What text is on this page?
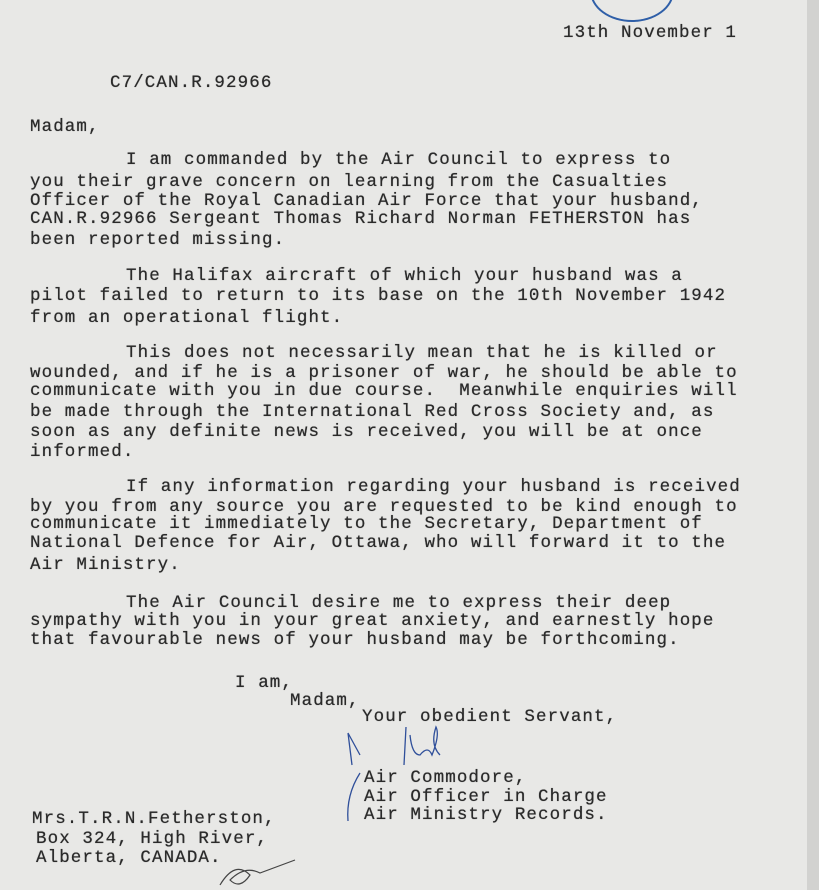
13th November 1
C7/CAN.R.92966
Madam,
I am commanded by the Air Council to express to
you their grave concern on learning from the Casualties
Officer of the Royal Canadian Air Force that your husband,
CAN.R.92966 Sergeant Thomas Richard Norman FETHERSTON has
been reported missing.
The Halifax aircraft of which your husband was a
pilot failed to return to its base on the 10th November 1942
from an operational flight.
This does not necessarily mean that he is killed or
wounded, and if he is a prisoner of war, he should be able to
communicate with you in due course.  Meanwhile enquiries will
be made through the International Red Cross Society and, as
soon as any definite news is received, you will be at once
informed.
If any information regarding your husband is received
by you from any source you are requested to be kind enough to
communicate it immediately to the Secretary, Department of
National Defence for Air, Ottawa, who will forward it to the
Air Ministry.
The Air Council desire me to express their deep
sympathy with you in your great anxiety, and earnestly hope
that favourable news of your husband may be forthcoming.
I am,
Madam,
Your obedient Servant,
Air Commodore,
Air Officer in Charge
Air Ministry Records.
Mrs.T.R.N.Fetherston,
Box 324, High River,
Alberta, CANADA.
